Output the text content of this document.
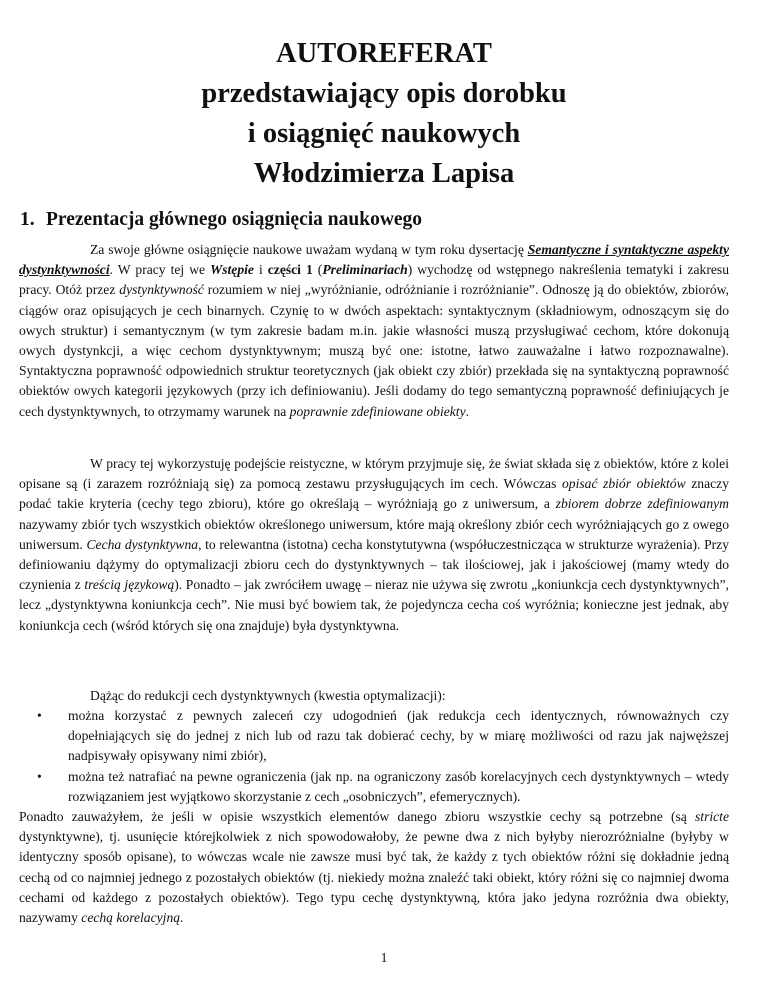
AUTOREFERAT
przedstawiający opis dorobku
i osiągnięć naukowych
Włodzimierza Lapisa
1. Prezentacja głównego osiągnięcia naukowego

Za swoje główne osiągnięcie naukowe uważam wydaną w tym roku dysertację Semantyczne i syntaktyczne aspekty dystynktywności. W pracy tej we Wstępie i części 1 (Preliminariach) wychodzę od wstępnego nakreślenia tematyki i zakresu pracy. Otóż przez dystynktywność rozumiem w niej „wyróżnianie, odróżnianie i rozróżnianie”. Odnoszę ją do obiektów, zbiorów, ciągów oraz opisujących je cech binarnych. Czynię to w dwóch aspektach: syntaktycznym (składniowym, odnoszącym się do owych struktur) i semantycznym (w tym zakresie badam m.in. jakie własności muszą przysługiwać cechom, które dokonują owych dystynkcji, a więc cechom dystynktywnym; muszą być one: istotne, łatwo zauważalne i łatwo rozpoznawalne). Syntaktyczna poprawność odpowiednich struktur teoretycznych (jak obiekt czy zbiór) przekłada się na syntaktyczną poprawność obiektów owych kategorii językowych (przy ich definiowaniu). Jeśli dodamy do tego semantyczną poprawność definiujących je cech dystynktywnych, to otrzymamy warunek na poprawnie zdefiniowane obiekty.

W pracy tej wykorzystuję podejście reistyczne, w którym przyjmuje się, że świat składa się z obiektów, które z kolei opisane są (i zarazem rozróżniają się) za pomocą zestawu przysługujących im cech. Wówczas opisać zbiór obiektów znaczy podać takie kryteria (cechy tego zbioru), które go określają – wyróżniają go z uniwersum, a zbiorem dobrze zdefiniowanym nazywamy zbiór tych wszystkich obiektów określonego uniwersum, które mają określony zbiór cech wyróżniających go z owego uniwersum. Cecha dystynktywna, to relewantna (istotna) cecha konstytutywna (współuczestnicząca w strukturze wyrażenia). Przy definiowaniu dążymy do optymalizacji zbioru cech do dystynktywnych – tak ilościowej, jak i jakościowej (mamy wtedy do czynienia z treścią językową). Ponadto – jak zwróciłem uwagę – nieraz nie używa się zwrotu „koniunkcja cech dystynktywnych”, lecz „dystynktywna koniunkcja cech”. Nie musi być bowiem tak, że pojedyncza cecha coś wyróżnia; konieczne jest jednak, aby koniunkcja cech (wśród których się ona znajduje) była dystynktywna.

Dążąc do redukcji cech dystynktywnych (kwestia optymalizacji):

• można korzystać z pewnych zaleceń czy udogodnień (jak redukcja cech identycznych, równoważnych czy dopełniających się do jednej z nich lub od razu tak dobierać cechy, by w miarę możliwości od razu jak najwęższej nadpisywały opisywany nimi zbiór),
• można też natrafiać na pewne ograniczenia (jak np. na ograniczony zasób korelacyjnych cech dystynktywnych – wtedy rozwiązaniem jest wyjątkowo skorzystanie z cech „osobniczych”, efemerycznych).

Ponadto zauważyłem, że jeśli w opisie wszystkich elementów danego zbioru wszystkie cechy są potrzebne (są stricte dystynktywne), tj. usunięcie którejkolwiek z nich spowodowałoby, że pewne dwa z nich byłyby nierozróżnialne (byłyby w identyczny sposób opisane), to wówczas wcale nie zawsze musi być tak, że każdy z tych obiektów różni się dokładnie jedną cechą od co najmniej jednego z pozostałych obiektów (tj. niekiedy można znaleźć taki obiekt, który różni się co najmniej dwoma cechami od każdego z pozostałych obiektów). Tego typu cechę dystynktywną, która jako jedyna rozróżnia dwa obiekty, nazywamy cechą korelacyjną.

1
